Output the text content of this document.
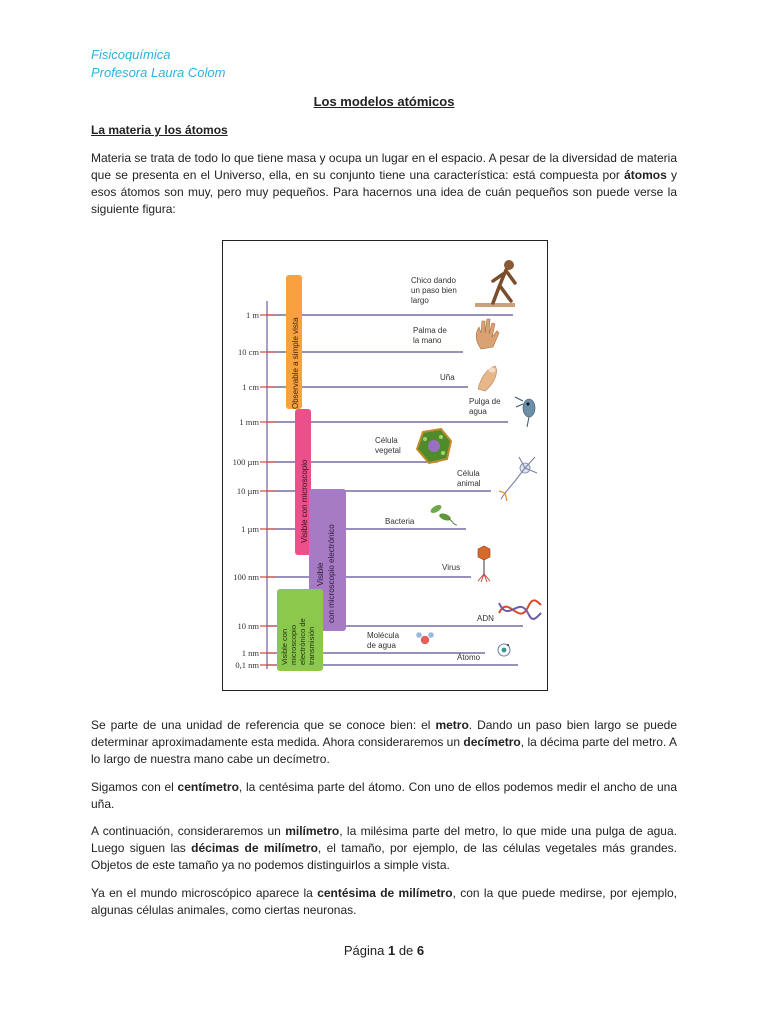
Fisicoquímica
Profesora Laura Colom
Los modelos atómicos
La materia y los átomos

Materia se trata de todo lo que tiene masa y ocupa un lugar en el espacio. A pesar de la diversidad de materia que se presenta en el Universo, ella, en su conjunto tiene una característica: está compuesta por átomos y esos átomos son muy, pero muy pequeños. Para hacernos una idea de cuán pequeños son puede verse la siguiente figura:

1 m
10 cm
1 cm
1 mm
100 µm
10 µm
1 µm
100 nm
10 nm
1 nm
0,1 nm
Observable a simple vista
Visible con microscopio
Visible con microscopio electrónico
Visible con microscopio electrónico de transmisión
Chico dando
un paso bien
largo
Palma de
la mano
Uña
Pulga de
agua
Célula
vegetal
Célula
animal
Bacteria
Virus
ADN
Molécula
de agua
Átomo

Se parte de una unidad de referencia que se conoce bien: el metro. Dando un paso bien largo se puede determinar aproximadamente esta medida. Ahora consideraremos un decímetro, la décima parte del metro. A lo largo de nuestra mano cabe un decímetro.

Sigamos con el centímetro, la centésima parte del átomo. Con uno de ellos podemos medir el ancho de una uña.

A continuación, consideraremos un milímetro, la milésima parte del metro, lo que mide una pulga de agua. Luego siguen las décimas de milímetro, el tamaño, por ejemplo, de las células vegetales más grandes. Objetos de este tamaño ya no podemos distinguirlos a simple vista.

Ya en el mundo microscópico aparece la centésima de milímetro, con la que puede medirse, por ejemplo, algunas células animales, como ciertas neuronas.

Página 1 de 6
